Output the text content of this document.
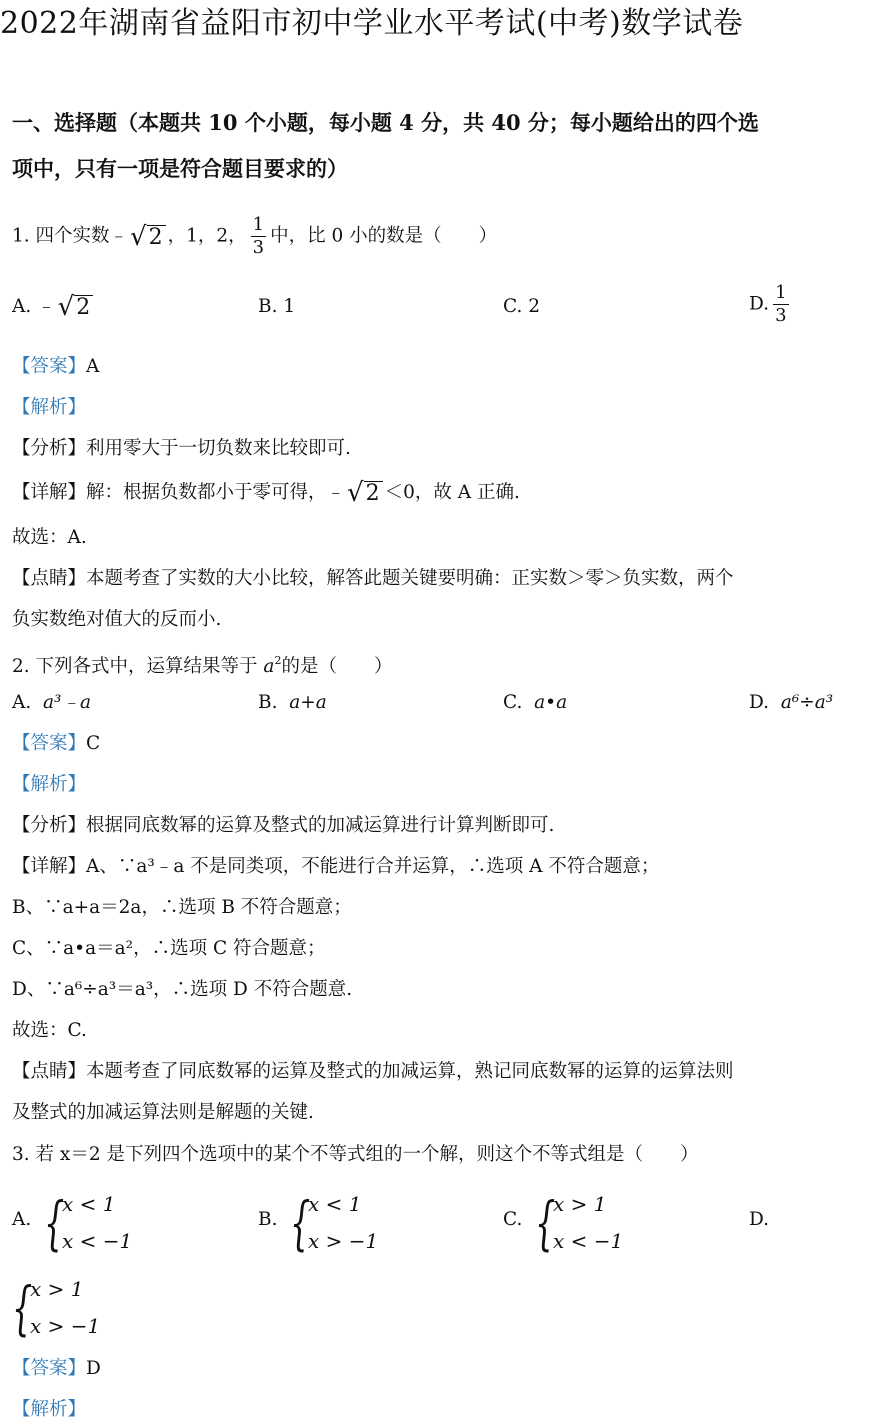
2022年湖南省益阳市初中学业水平考试(中考)数学试卷
一、选择题（本题共 10 个小题，每小题 4 分，共 40 分；每小题给出的四个选
项中，只有一项是符合题目要求的）
1. 四个实数﹣ √ 2 ，1，2， $\frac{1}{3}$ 中，比 0 小的数是（　　）
A. ﹣ √ 2	B. 1	C. 2	D. $\frac{1}{3}$
【答案】A
【解析】
【分析】利用零大于一切负数来比较即可.
【详解】解：根据负数都小于零可得，﹣ √ 2 ＜0，故 A 正确.
故选：A.
【点睛】本题考查了实数的大小比较，解答此题关键要明确：正实数＞零＞负实数，两个
负实数绝对值大的反而小.
2. 下列各式中，运算结果等于 $a^2$的是（　　）
A. a³﹣a	B. a+a	C. a•a	D. a⁶÷a³
【答案】C
【解析】
【分析】根据同底数幂的运算及整式的加减运算进行计算判断即可.
【详解】A、∵a³﹣a 不是同类项，不能进行合并运算，∴选项 A 不符合题意；
B、∵a+a＝2a，∴选项 B 不符合题意；
C、∵a•a＝a²，∴选项 C 符合题意；
D、∵a⁶÷a³＝a³，∴选项 D 不符合题意.
故选：C.
【点睛】本题考查了同底数幂的运算及整式的加减运算，熟记同底数幂的运算的运算法则
及整式的加减运算法则是解题的关键.
3. 若 x＝2 是下列四个选项中的某个不等式组的一个解，则这个不等式组是（　　）
A. {
x < 1
x < −1
B. {
x < 1
x > −1
C. {
x > 1
x < −1
D.
{
x > 1
x > −1
【答案】D
【解析】
